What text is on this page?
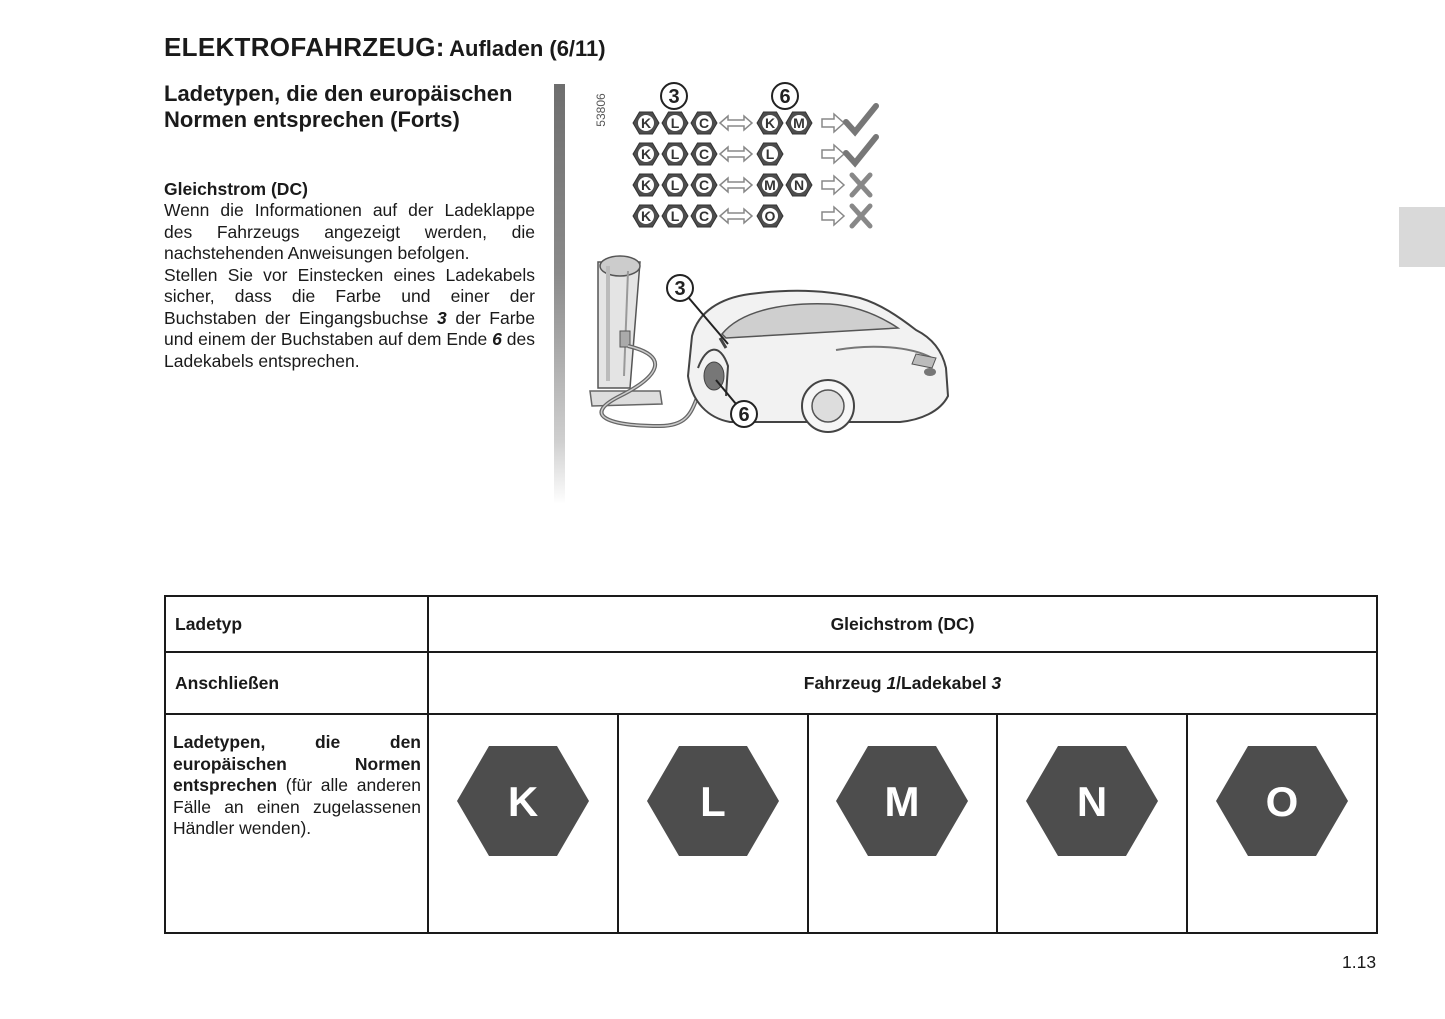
ELEKTROFAHRZEUG: Aufladen (6/11)
Ladetypen, die den europäischen Normen entsprechen (Forts)
Gleichstrom (DC)

Wenn die Informationen auf der Ladeklappe des Fahrzeugs angezeigt werden, die nachstehenden Anweisungen befolgen.

Stellen Sie vor Einstecken eines Ladekabels sicher, dass die Farbe und einer der Buchstaben der Eingangsbuchse 3 der Farbe und einem der Buchstaben auf dem Ende 6 des Ladekabels entsprechen.

53806	3	6
K L C	K M
K L C	L
K L C	M N
K L C	O
3
6
Ladetyp	Gleichstrom (DC)				
Anschließen	Fahrzeug 1/Ladekabel 3				
Ladetypen, die den europäischen Normen entsprechen (für alle anderen Fälle an einen zugelassenen Händler wenden).	K	L	M	N	O
1.13
